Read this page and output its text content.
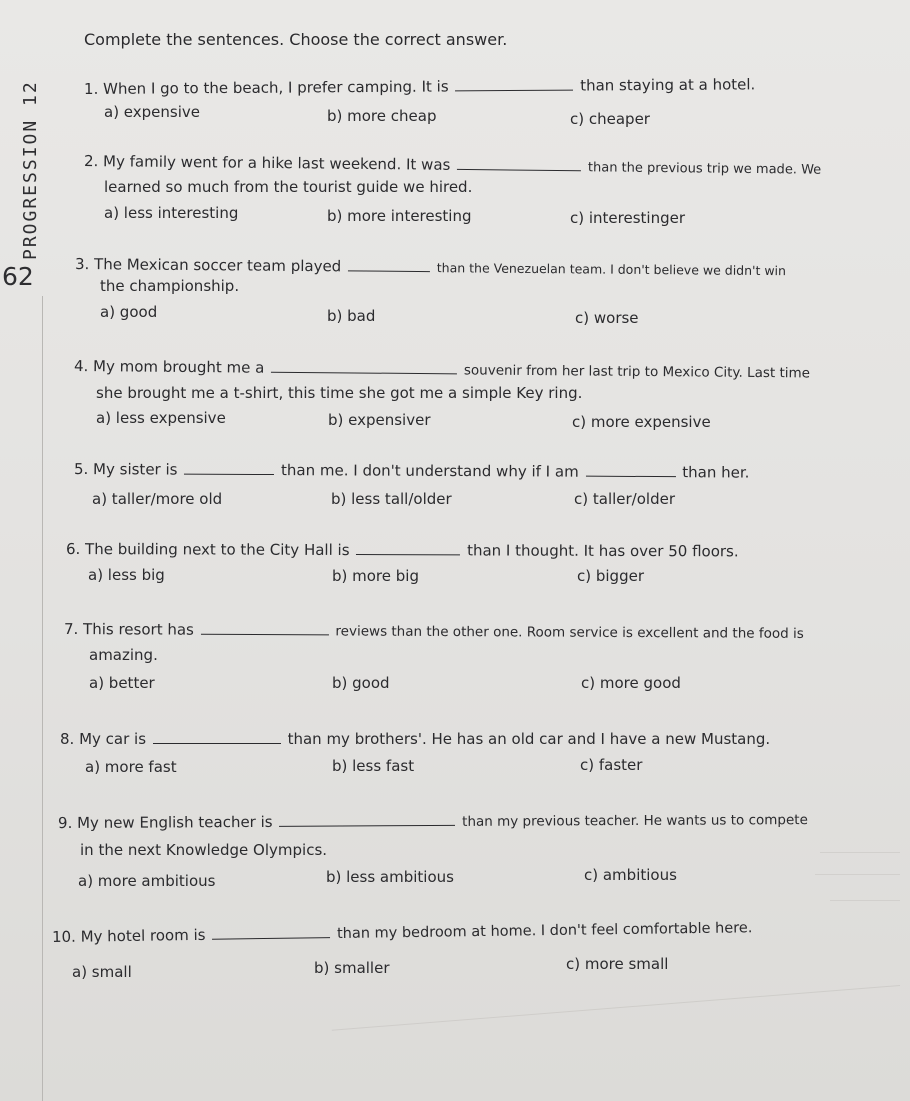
PROGRESSION 12
62
Complete the sentences. Choose the correct answer.
1. When I go to the beach, I prefer camping. It is	than staying at a hotel.
a) expensive	b) more cheap	c) cheaper
2. My family went for a hike last weekend. It was	than the previous trip we made. We
learned so much from the tourist guide we hired.
a) less interesting	b) more interesting	c) interestinger
3. The Mexican soccer team played	than the Venezuelan team. I don't believe we didn't win
the championship.
a) good	b) bad	c) worse
4. My mom brought me a	souvenir from her last trip to Mexico City. Last time
she brought me a t-shirt, this time she got me a simple Key ring.
a) less expensive	b) expensiver	c) more expensive
5. My sister is	than me. I don't understand why if I am	than her.
a) taller/more old	b) less tall/older	c) taller/older
6. The building next to the City Hall is	than I thought. It has over 50 floors.
a) less big	b) more big	c) bigger
7. This resort has	reviews than the other one. Room service is excellent and the food is
amazing.
a) better	b) good	c) more good
8. My car is	than my brothers'. He has an old car and I have a new Mustang.
a) more fast	b) less fast	c) faster
9. My new English teacher is	than my previous teacher. He wants us to compete
in the next Knowledge Olympics.
a) more ambitious	b) less ambitious	c) ambitious
10. My hotel room is	than my bedroom at home. I don't feel comfortable here.
a) small	b) smaller	c) more small
